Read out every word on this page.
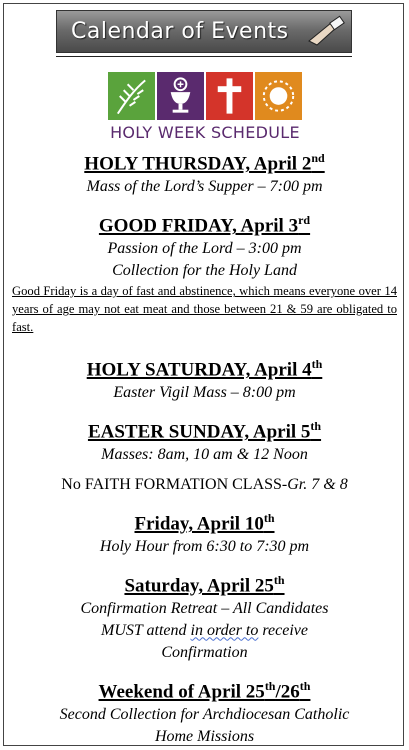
Calendar of Events
HOLY WEEK SCHEDULE
HOLY THURSDAY, April 2nd
Mass of the Lord’s Supper – 7:00 pm
GOOD FRIDAY, April 3rd
Passion of the Lord – 3:00 pm
Collection for the Holy Land
Good Friday is a day of fast and abstinence, which means everyone over 14 years of age may not eat meat and those between 21 & 59 are obligated to fast.
HOLY SATURDAY, April 4th
Easter Vigil Mass – 8:00 pm
EASTER SUNDAY, April 5th
Masses: 8am, 10 am & 12 Noon
No FAITH FORMATION CLASS-Gr. 7 & 8
Friday, April 10th
Holy Hour from 6:30 to 7:30 pm
Saturday, April 25th
Confirmation Retreat – All Candidates
MUST attend in order to receive
Confirmation
Weekend of April 25th/26th
Second Collection for Archdiocesan Catholic
Home Missions
